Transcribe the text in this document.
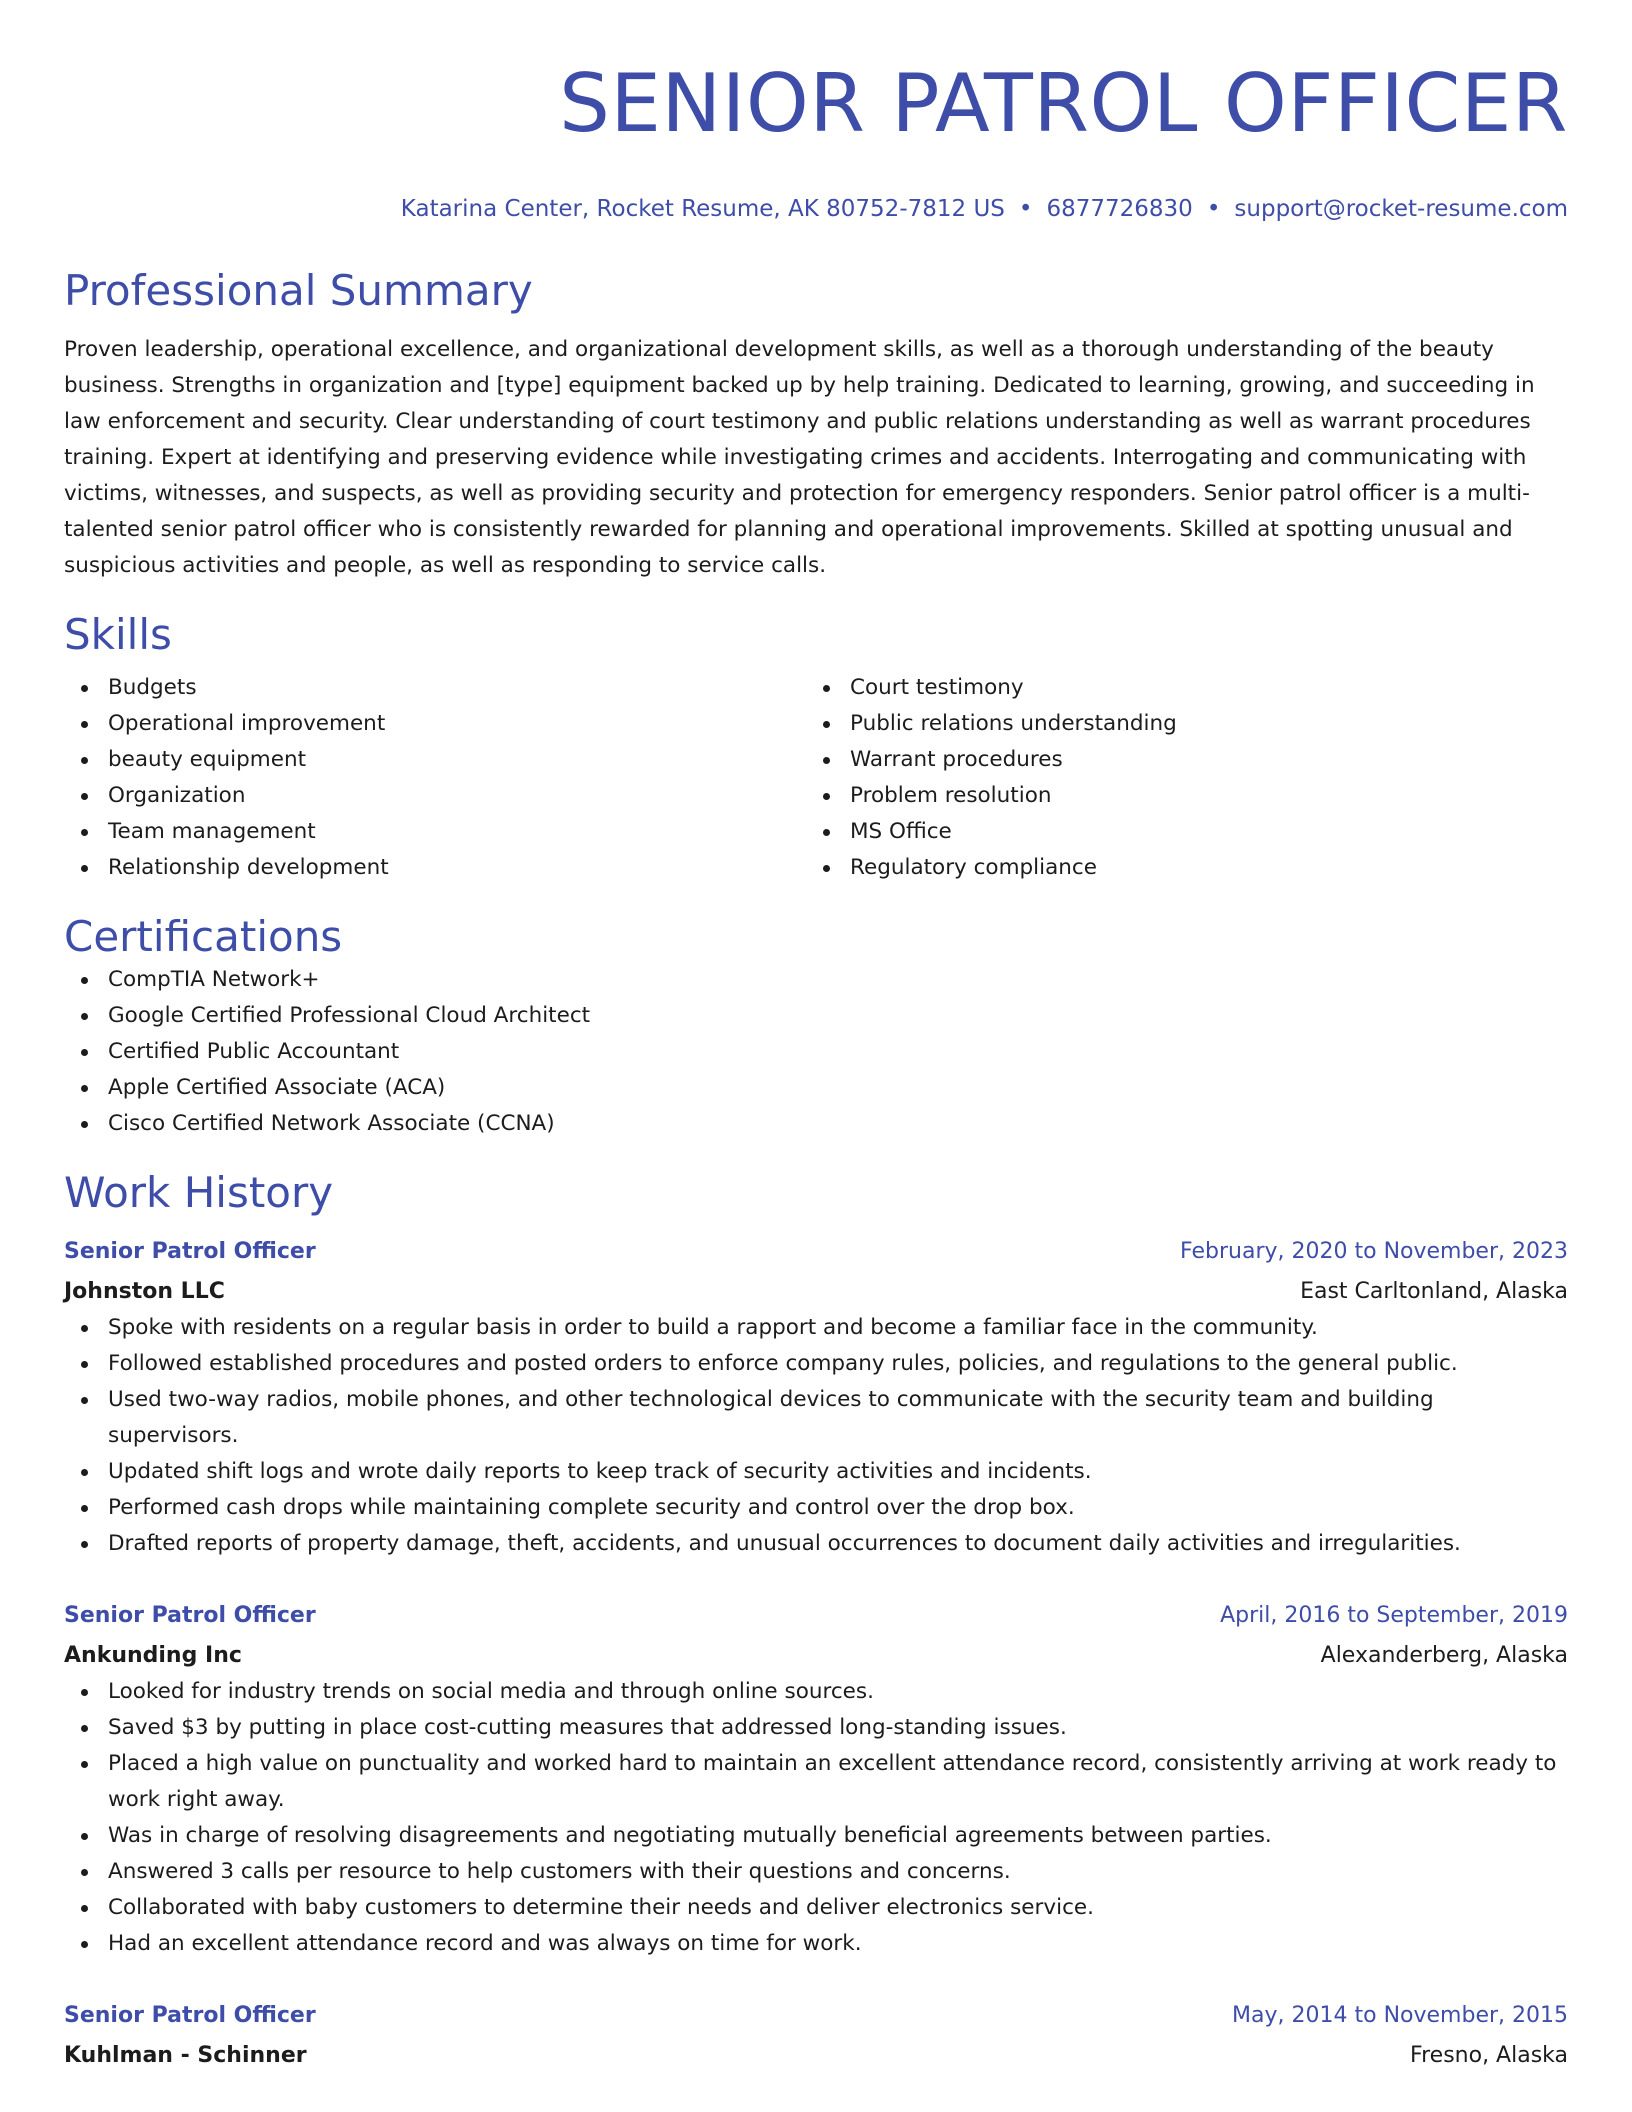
SENIOR PATROL OFFICER
Katarina Center, Rocket Resume, AK 80752-7812 US • 6877726830 • support@rocket-resume.com
Professional Summary
Proven leadership, operational excellence, and organizational development skills, as well as a thorough understanding of the beauty business. Strengths in organization and [type] equipment backed up by help training. Dedicated to learning, growing, and succeeding in law enforcement and security. Clear understanding of court testimony and public relations understanding as well as warrant procedures training. Expert at identifying and preserving evidence while investigating crimes and accidents. Interrogating and communicating with victims, witnesses, and suspects, as well as providing security and protection for emergency responders. Senior patrol officer is a multi-talented senior patrol officer who is consistently rewarded for planning and operational improvements. Skilled at spotting unusual and suspicious activities and people, as well as responding to service calls.
Skills
Budgets
Operational improvement
beauty equipment
Organization
Team management
Relationship development
Court testimony
Public relations understanding
Warrant procedures
Problem resolution
MS Office
Regulatory compliance
Certifications
CompTIA Network+
Google Certified Professional Cloud Architect
Certified Public Accountant
Apple Certified Associate (ACA)
Cisco Certified Network Associate (CCNA)
Work History
Senior Patrol Officer	February, 2020 to November, 2023
Johnston LLC	East Carltonland, Alaska
Spoke with residents on a regular basis in order to build a rapport and become a familiar face in the community.
Followed established procedures and posted orders to enforce company rules, policies, and regulations to the general public.
Used two-way radios, mobile phones, and other technological devices to communicate with the security team and building supervisors.
Updated shift logs and wrote daily reports to keep track of security activities and incidents.
Performed cash drops while maintaining complete security and control over the drop box.
Drafted reports of property damage, theft, accidents, and unusual occurrences to document daily activities and irregularities.
Senior Patrol Officer	April, 2016 to September, 2019
Ankunding Inc	Alexanderberg, Alaska
Looked for industry trends on social media and through online sources.
Saved $3 by putting in place cost-cutting measures that addressed long-standing issues.
Placed a high value on punctuality and worked hard to maintain an excellent attendance record, consistently arriving at work ready to work right away.
Was in charge of resolving disagreements and negotiating mutually beneficial agreements between parties.
Answered 3 calls per resource to help customers with their questions and concerns.
Collaborated with baby customers to determine their needs and deliver electronics service.
Had an excellent attendance record and was always on time for work.
Senior Patrol Officer	May, 2014 to November, 2015
Kuhlman - Schinner	Fresno, Alaska
